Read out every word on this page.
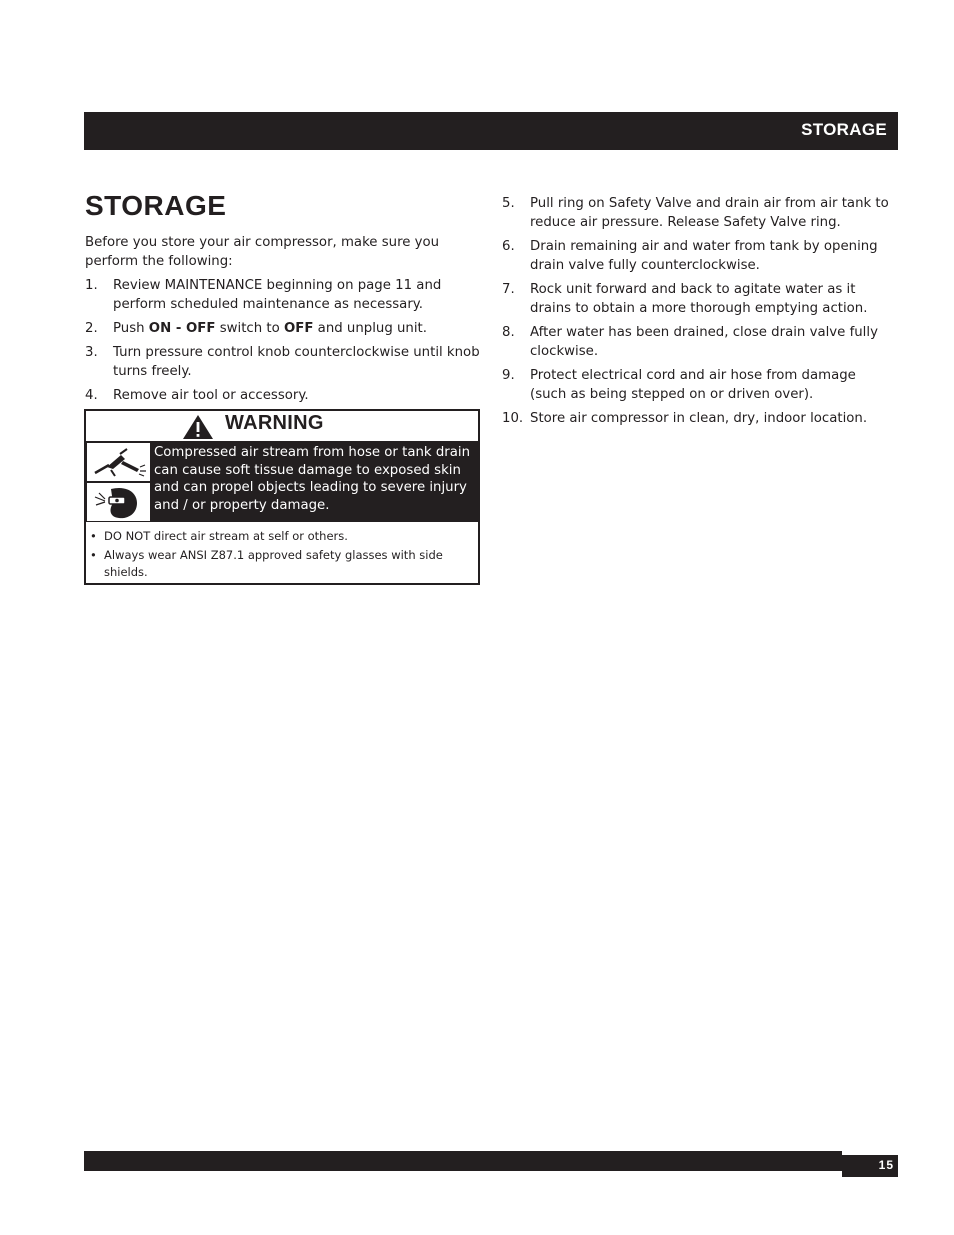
STORAGE
STORAGE
Before you store your air compressor, make sure you perform the following:
1. Review MAINTENANCE beginning on page 11 and perform scheduled maintenance as necessary.
2. Push ON - OFF switch to OFF and unplug unit.
3. Turn pressure control knob counterclockwise until knob turns freely.
4. Remove air tool or accessory.
WARNING
Compressed air stream from hose or tank drain can cause soft tissue damage to exposed skin and can propel objects leading to severe injury and / or property damage.
• DO NOT direct air stream at self or others.
• Always wear ANSI Z87.1 approved safety glasses with side shields.
5. Pull ring on Safety Valve and drain air from air tank to reduce air pressure. Release Safety Valve ring.
6. Drain remaining air and water from tank by opening drain valve fully counterclockwise.
7. Rock unit forward and back to agitate water as it drains to obtain a more thorough emptying action.
8. After water has been drained, close drain valve fully clockwise.
9. Protect electrical cord and air hose from damage (such as being stepped on or driven over).
10. Store air compressor in clean, dry, indoor location.
15
